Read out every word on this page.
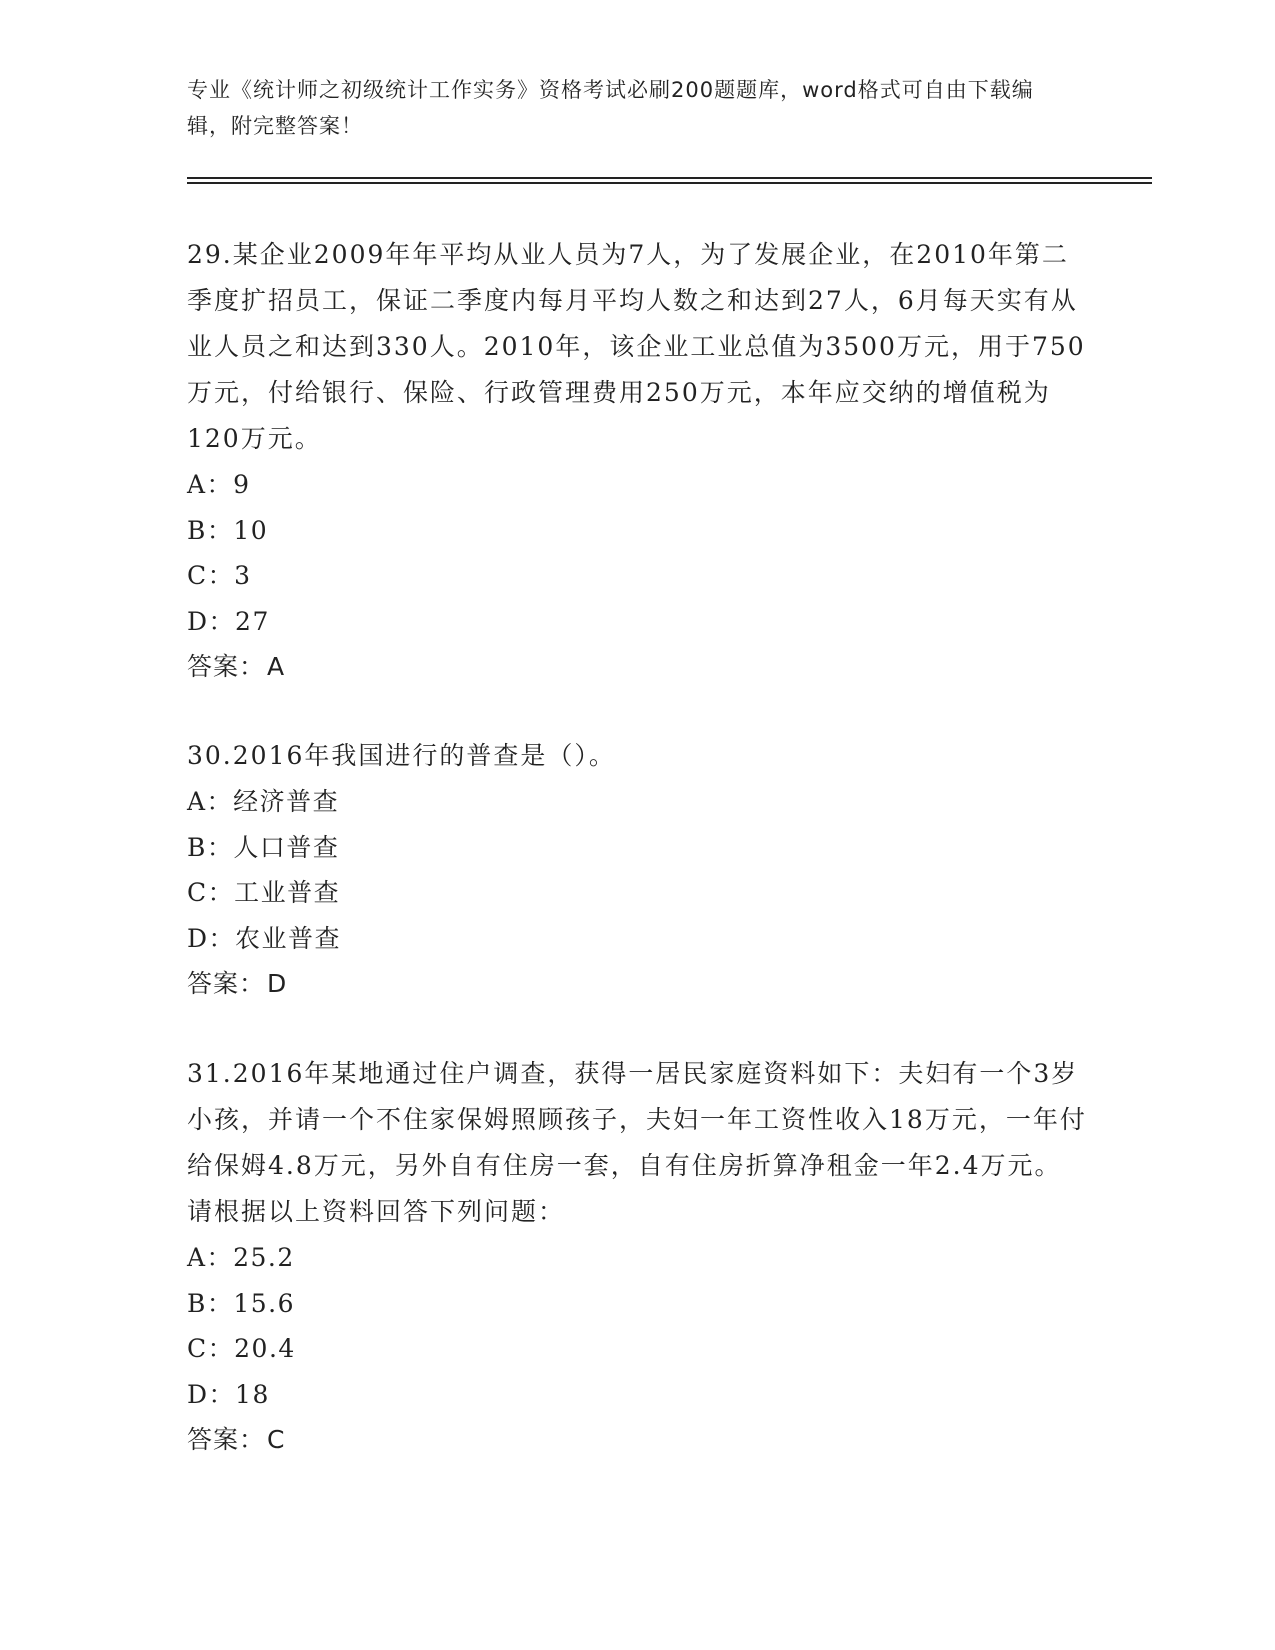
专业《统计师之初级统计工作实务》资格考试必刷200题题库，word格式可自由下载编辑，附完整答案！
29.某企业2009年年平均从业人员为7人，为了发展企业，在2010年第二季度扩招员工，保证二季度内每月平均人数之和达到27人，6月每天实有从业人员之和达到330人。2010年，该企业工业总值为3500万元，用于750万元，付给银行、保险、行政管理费用250万元，本年应交纳的增值税为120万元。
A：9
B：10
C：3
D：27
答案：A
30.2016年我国进行的普查是（）。
A：经济普查
B：人口普查
C：工业普查
D：农业普查
答案：D
31.2016年某地通过住户调查，获得一居民家庭资料如下：夫妇有一个3岁小孩，并请一个不住家保姆照顾孩子，夫妇一年工资性收入18万元，一年付给保姆4.8万元，另外自有住房一套，自有住房折算净租金一年2.4万元。请根据以上资料回答下列问题：
A：25.2
B：15.6
C：20.4
D：18
答案：C
